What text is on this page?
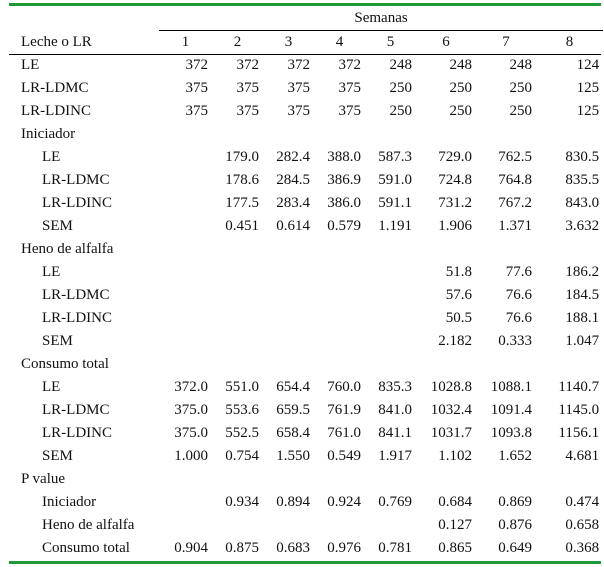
	Semanas							
Leche o LR	1	2	3	4	5	6	7	8
LE	372	372	372	372	248	248	248	124
LR-LDMC	375	375	375	375	250	250	250	125
LR-LDINC	375	375	375	375	250	250	250	125
Iniciador								
LE		179.0	282.4	388.0	587.3	729.0	762.5	830.5
LR-LDMC		178.6	284.5	386.9	591.0	724.8	764.8	835.5
LR-LDINC		177.5	283.4	386.0	591.1	731.2	767.2	843.0
SEM		0.451	0.614	0.579	1.191	1.906	1.371	3.632
Heno de alfalfa								
LE						51.8	77.6	186.2
LR-LDMC						57.6	76.6	184.5
LR-LDINC						50.5	76.6	188.1
SEM						2.182	0.333	1.047
Consumo total								
LE	372.0	551.0	654.4	760.0	835.3	1028.8	1088.1	1140.7
LR-LDMC	375.0	553.6	659.5	761.9	841.0	1032.4	1091.4	1145.0
LR-LDINC	375.0	552.5	658.4	761.0	841.1	1031.7	1093.8	1156.1
SEM	1.000	0.754	1.550	0.549	1.917	1.102	1.652	4.681
P value								
Iniciador		0.934	0.894	0.924	0.769	0.684	0.869	0.474
Heno de alfalfa						0.127	0.876	0.658
Consumo total	0.904	0.875	0.683	0.976	0.781	0.865	0.649	0.368
